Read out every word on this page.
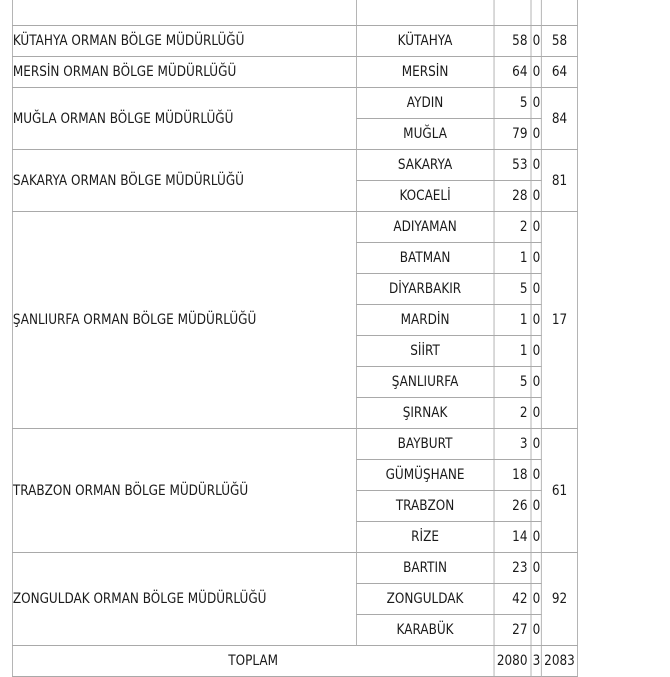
KÜTAHYA ORMAN BÖLGE MÜDÜRLÜĞÜ	KÜTAHYA	58	0	58
MERSİN ORMAN BÖLGE MÜDÜRLÜĞÜ	MERSİN	64	0	64
MUĞLA ORMAN BÖLGE MÜDÜRLÜĞÜ	AYDIN	5	0	84
	MUĞLA	79	0	
SAKARYA ORMAN BÖLGE MÜDÜRLÜĞÜ	SAKARYA	53	0	81
	KOCAELİ	28	0	
ŞANLIURFA ORMAN BÖLGE MÜDÜRLÜĞÜ	ADIYAMAN	2	0	17
	BATMAN	1	0	
	DİYARBAKIR	5	0	
	MARDİN	1	0	
	SİİRT	1	0	
	ŞANLIURFA	5	0	
	ŞIRNAK	2	0	
TRABZON ORMAN BÖLGE MÜDÜRLÜĞÜ	BAYBURT	3	0	61
	GÜMÜŞHANE	18	0	
	TRABZON	26	0	
	RİZE	14	0	
ZONGULDAK ORMAN BÖLGE MÜDÜRLÜĞÜ	BARTIN	23	0	92
	ZONGULDAK	42	0	
	KARABÜK	27	0	
TOPLAM		2080	3	2083
